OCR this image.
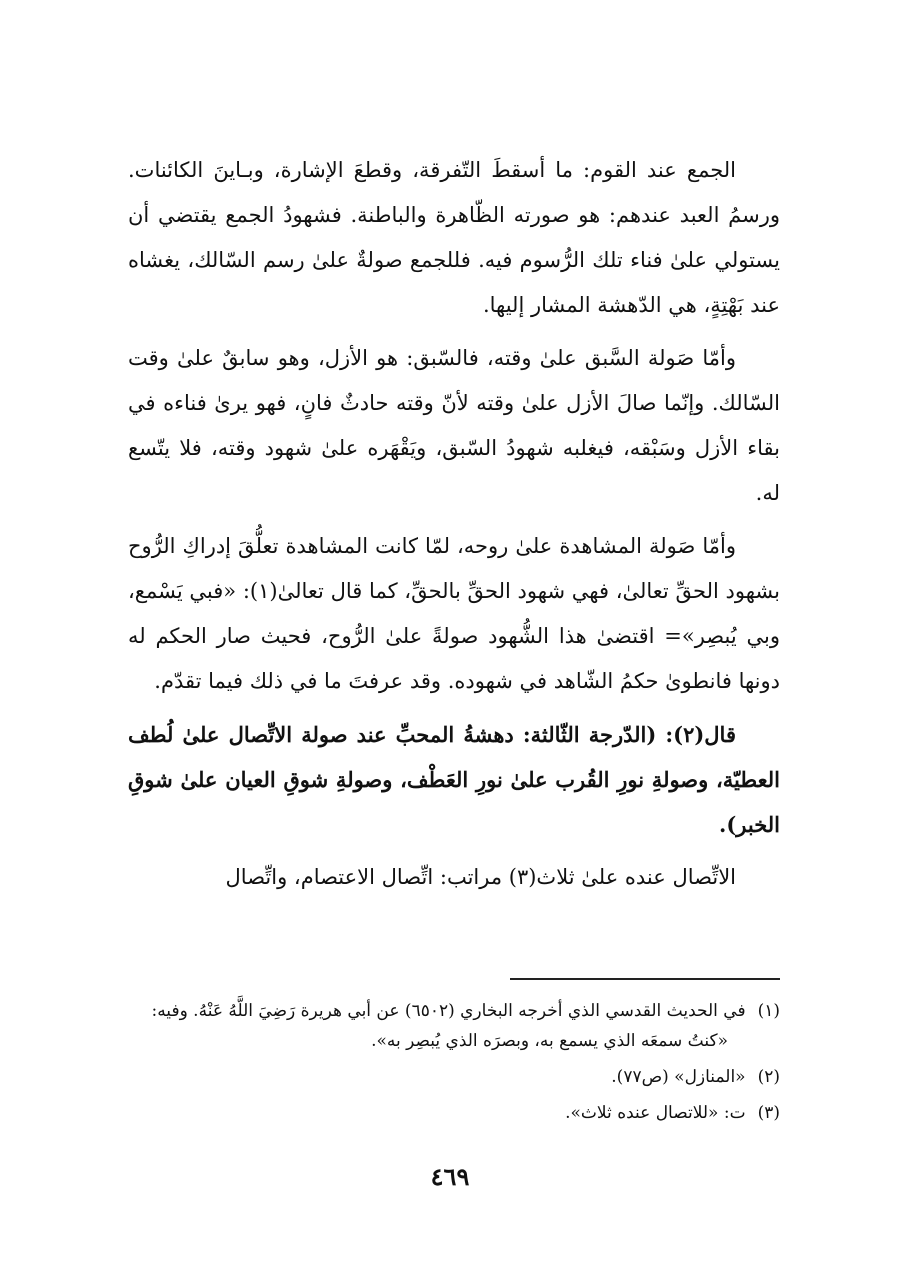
الجمع عند القوم: ما أسقطَ التّفرقة، وقطعَ الإشارة، وبـاينَ الكائنات. ورسمُ العبد عندهم: هو صورته الظّاهرة والباطنة. فشهودُ الجمع يقتضي أن يستولي علىٰ فناء تلك الرُّسوم فيه. فللجمع صولةٌ علىٰ رسم السّالك، يغشاه عند بَهْتِةٍ، هي الدّهشة المشار إليها.

وأمّا صَولة السَّبق علىٰ وقته، فالسّبق: هو الأزل، وهو سابقٌ علىٰ وقت السّالك. وإنّما صالَ الأزل علىٰ وقته لأنّ وقته حادثٌ فانٍ، فهو يرىٰ فناءه في بقاء الأزل وسَبْقه، فيغلبه شهودُ السّبق، ويَقْهَره علىٰ شهود وقته، فلا يتّسع له.

وأمّا صَولة المشاهدة علىٰ روحه، لمّا كانت المشاهدة تعلُّقَ إدراكِ الرُّوح بشهود الحقِّ تعالىٰ، فهي شهود الحقِّ بالحقِّ، كما قال تعالىٰ(١): «فبي يَسْمع، وبي يُبصِر»= اقتضىٰ هذا الشُّهود صولةً علىٰ الرُّوح، فحيث صار الحكم له دونها فانطوىٰ حكمُ الشّاهد في شهوده. وقد عرفتَ ما في ذلك فيما تقدّم.

قال(٢): (الدّرجة الثّالثة: دهشةُ المحبِّ عند صولة الاتِّصال علىٰ لُطف العطيّة، وصولةِ نورِ القُرب علىٰ نورِ العَطْف، وصولةِ شوقِ العيان علىٰ شوقِ الخبر).

الاتِّصال عنده علىٰ ثلاث(٣) مراتب: اتِّصال الاعتصام، واتِّصال

(١)في الحديث القدسي الذي أخرجه البخاري (٦٥٠٢) عن أبي هريرة رَضِيَ اللَّهُ عَنْهُ. وفيه:
«كنتُ سمعَه الذي يسمع به، وبصرَه الذي يُبصِر به».

(٢)«المنازل» (ص٧٧).

(٣)ت: «للاتصال عنده ثلاث».

٤٦٩
